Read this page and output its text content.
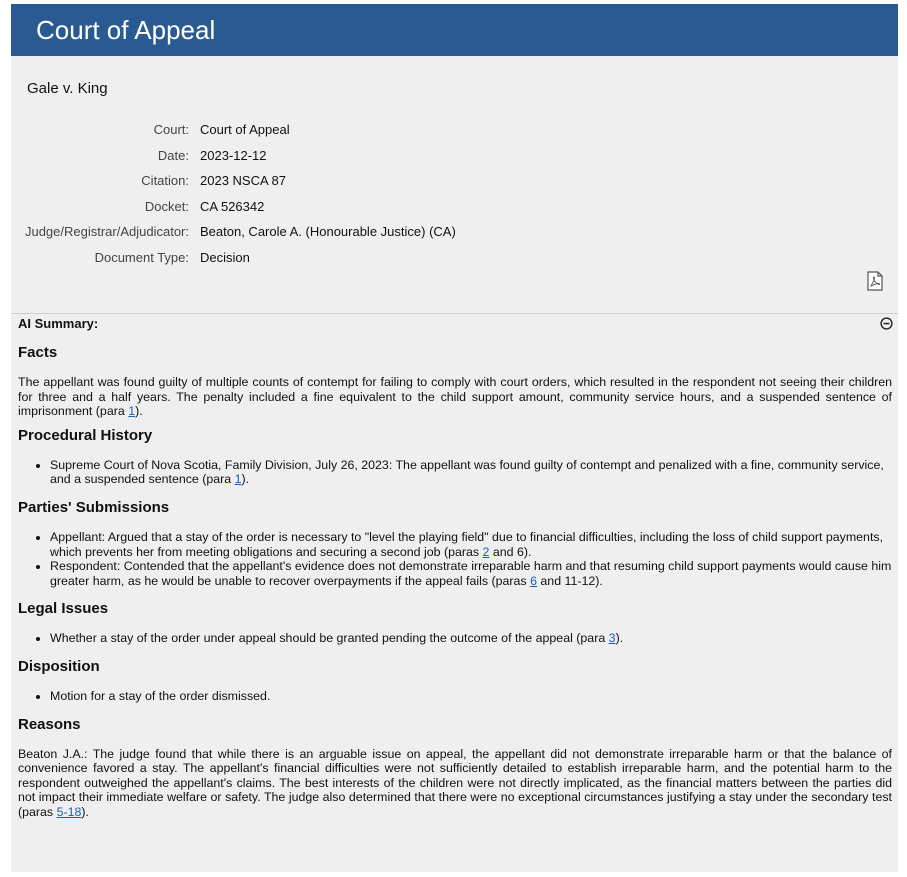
Court of Appeal
Gale v. King
Court: Court of Appeal
Date: 2023-12-12
Citation: 2023 NSCA 87
Docket: CA 526342
Judge/Registrar/Adjudicator: Beaton, Carole A. (Honourable Justice) (CA)
Document Type: Decision
AI Summary:
Facts

The appellant was found guilty of multiple counts of contempt for failing to comply with court orders, which resulted in the respondent not seeing their children for three and a half years. The penalty included a fine equivalent to the child support amount, community service hours, and a suspended sentence of imprisonment (para 1).

Procedural History
• Supreme Court of Nova Scotia, Family Division, July 26, 2023: The appellant was found guilty of contempt and penalized with a fine, community service, and a suspended sentence (para 1).
Parties' Submissions
• Appellant: Argued that a stay of the order is necessary to "level the playing field" due to financial difficulties, including the loss of child support payments, which prevents her from meeting obligations and securing a second job (paras 2 and 6).
• Respondent: Contended that the appellant's evidence does not demonstrate irreparable harm and that resuming child support payments would cause him greater harm, as he would be unable to recover overpayments if the appeal fails (paras 6 and 11-12).
Legal Issues
• Whether a stay of the order under appeal should be granted pending the outcome of the appeal (para 3).
Disposition
• Motion for a stay of the order dismissed.
Reasons

Beaton J.A.: The judge found that while there is an arguable issue on appeal, the appellant did not demonstrate irreparable harm or that the balance of convenience favored a stay. The appellant's financial difficulties were not sufficiently detailed to establish irreparable harm, and the potential harm to the respondent outweighed the appellant's claims. The best interests of the children were not directly implicated, as the financial matters between the parties did not impact their immediate welfare or safety. The judge also determined that there were no exceptional circumstances justifying a stay under the secondary test (paras 5-18).
